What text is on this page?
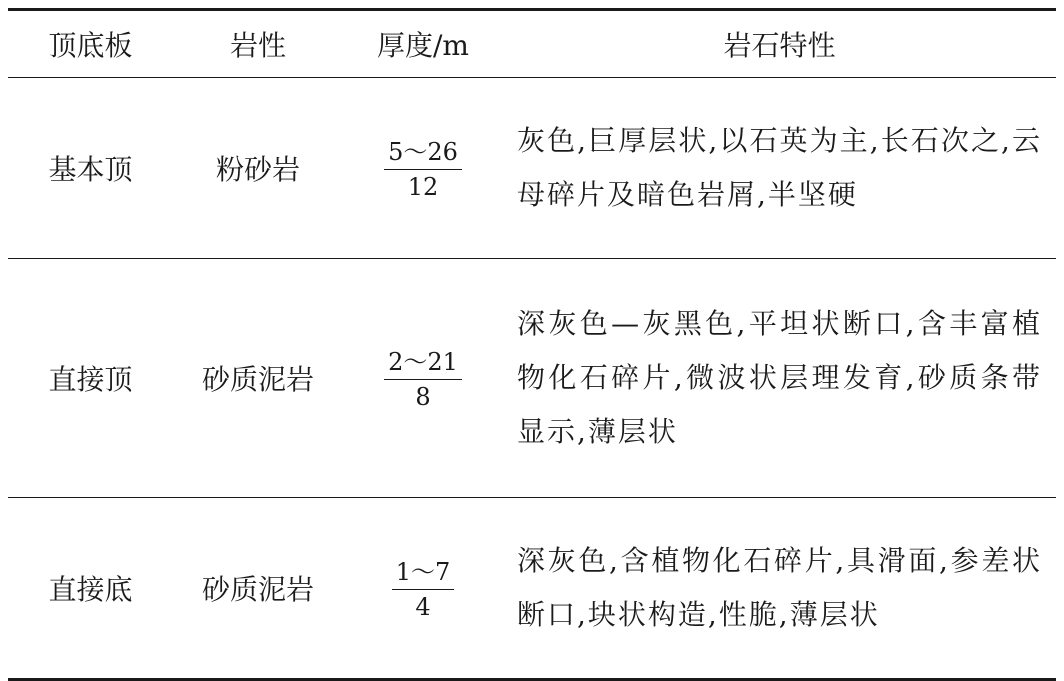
顶底板	岩性	厚度/m	岩石特性
基本顶	粉砂岩	$\frac{5\sim 26}{12}$	灰色,巨厚层状,以石英为主,长石次之,云母碎片及暗色岩屑,半坚硬
直接顶	砂质泥岩	$\frac{2\sim 21}{8}$	深灰色—灰黑色,平坦状断口,含丰富植物化石碎片,微波状层理发育,砂质条带显示,薄层状
直接底	砂质泥岩	$\frac{1\sim 7}{4}$	深灰色,含植物化石碎片,具滑面,参差状断口,块状构造,性脆,薄层状
